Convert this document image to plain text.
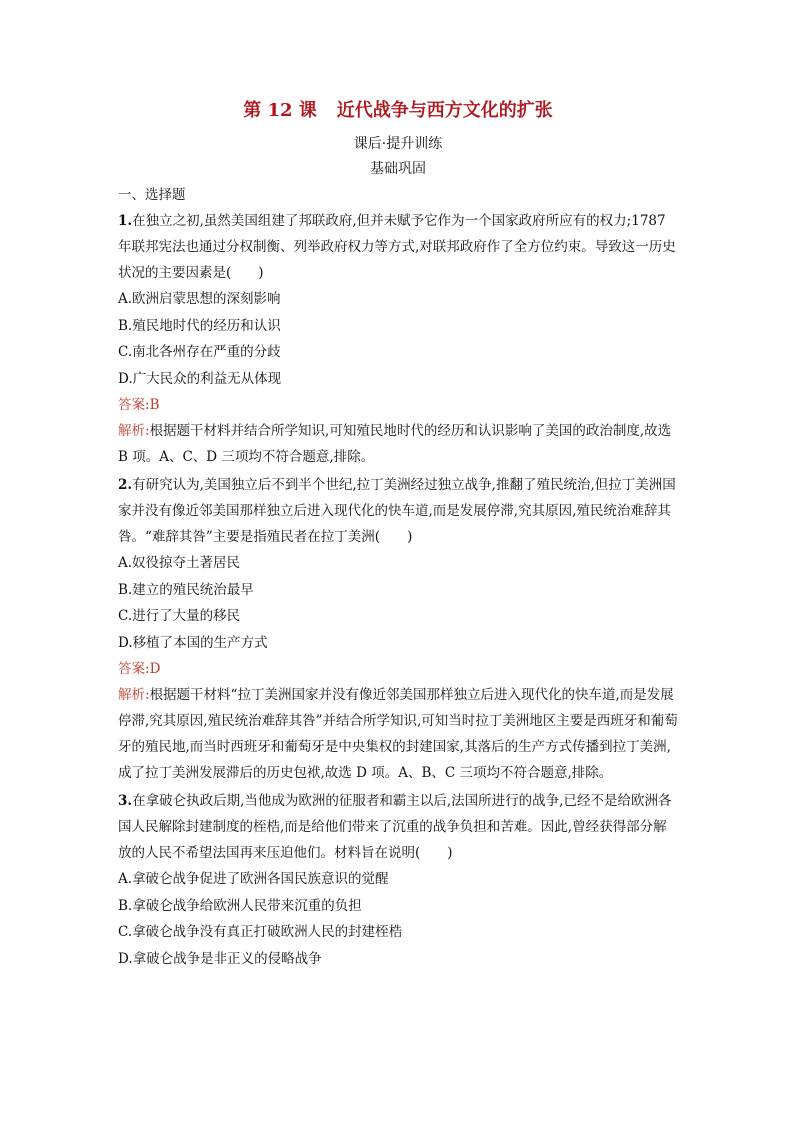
第 12 课 近代战争与西方文化的扩张

课后·提升训练

基础巩固

一、选择题

1.在独立之初,虽然美国组建了邦联政府,但并未赋予它作为一个国家政府所应有的权力;1787 年联邦宪法也通过分权制衡、列举政府权力等方式,对联邦政府作了全方位约束。导致这一历史状况的主要因素是(　　)

A.欧洲启蒙思想的深刻影响

B.殖民地时代的经历和认识

C.南北各州存在严重的分歧

D.广大民众的利益无从体现

答案:B

解析:根据题干材料并结合所学知识,可知殖民地时代的经历和认识影响了美国的政治制度,故选 B 项。A、C、D 三项均不符合题意,排除。

2.有研究认为,美国独立后不到半个世纪,拉丁美洲经过独立战争,推翻了殖民统治,但拉丁美洲国家并没有像近邻美国那样独立后进入现代化的快车道,而是发展停滞,究其原因,殖民统治难辞其咎。“难辞其咎”主要是指殖民者在拉丁美洲(　　)

A.奴役掠夺土著居民

B.建立的殖民统治最早

C.进行了大量的移民

D.移植了本国的生产方式

答案:D

解析:根据题干材料“拉丁美洲国家并没有像近邻美国那样独立后进入现代化的快车道,而是发展停滞,究其原因,殖民统治难辞其咎”并结合所学知识,可知当时拉丁美洲地区主要是西班牙和葡萄牙的殖民地,而当时西班牙和葡萄牙是中央集权的封建国家,其落后的生产方式传播到拉丁美洲,成了拉丁美洲发展滞后的历史包袱,故选 D 项。A、B、C 三项均不符合题意,排除。

3.在拿破仑执政后期,当他成为欧洲的征服者和霸主以后,法国所进行的战争,已经不是给欧洲各国人民解除封建制度的桎梏,而是给他们带来了沉重的战争负担和苦难。因此,曾经获得部分解放的人民不希望法国再来压迫他们。材料旨在说明(　　)

A.拿破仑战争促进了欧洲各国民族意识的觉醒

B.拿破仑战争给欧洲人民带来沉重的负担

C.拿破仑战争没有真正打破欧洲人民的封建桎梏

D.拿破仑战争是非正义的侵略战争
